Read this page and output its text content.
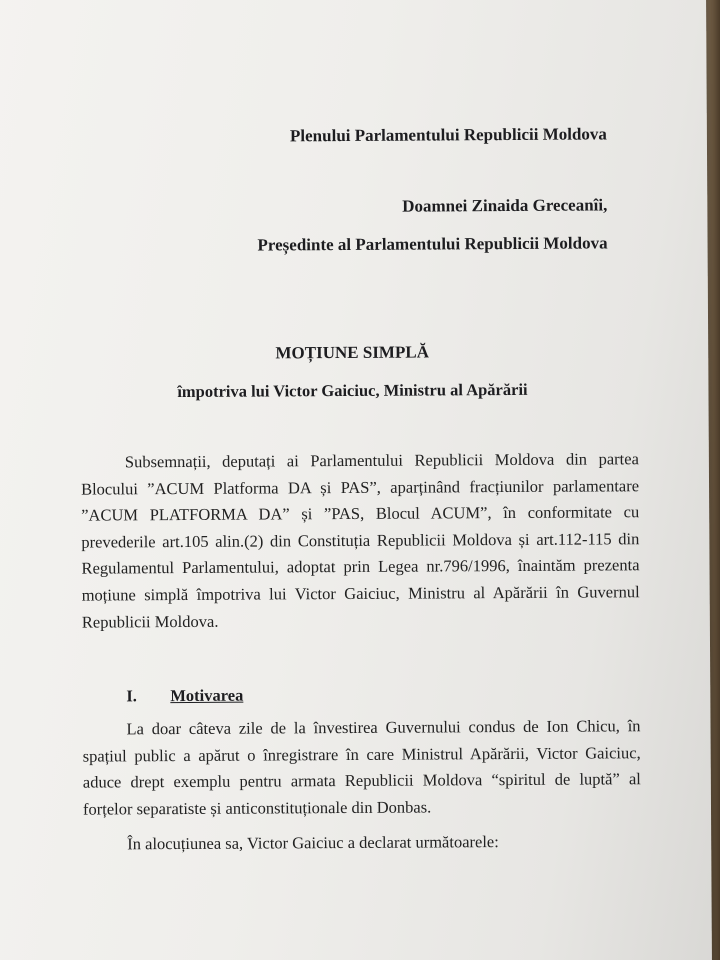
Plenului Parlamentului Republicii Moldova
Doamnei Zinaida Greceanîi,
Președinte al Parlamentului Republicii Moldova
MOȚIUNE SIMPLĂ
împotriva lui Victor Gaiciuc, Ministru al Apărării
Subsemnații, deputați ai Parlamentului Republicii Moldova din partea
Blocului ”ACUM Platforma DA și PAS”, aparținând fracțiunilor parlamentare
”ACUM PLATFORMA DA” și ”PAS, Blocul ACUM”, în conformitate cu
prevederile art.105 alin.(2) din Constituția Republicii Moldova și art.112-115 din
Regulamentul Parlamentului, adoptat prin Legea nr.796/1996, înaintăm prezenta
moțiune simplă împotriva lui Victor Gaiciuc, Ministru al Apărării în Guvernul
Republicii Moldova.
I. Motivarea
La doar câteva zile de la învestirea Guvernului condus de Ion Chicu, în
spațiul public a apărut o înregistrare în care Ministrul Apărării, Victor Gaiciuc,
aduce drept exemplu pentru armata Republicii Moldova “spiritul de luptă” al
forțelor separatiste și anticonstituționale din Donbas.
În alocuțiunea sa, Victor Gaiciuc a declarat următoarele:
